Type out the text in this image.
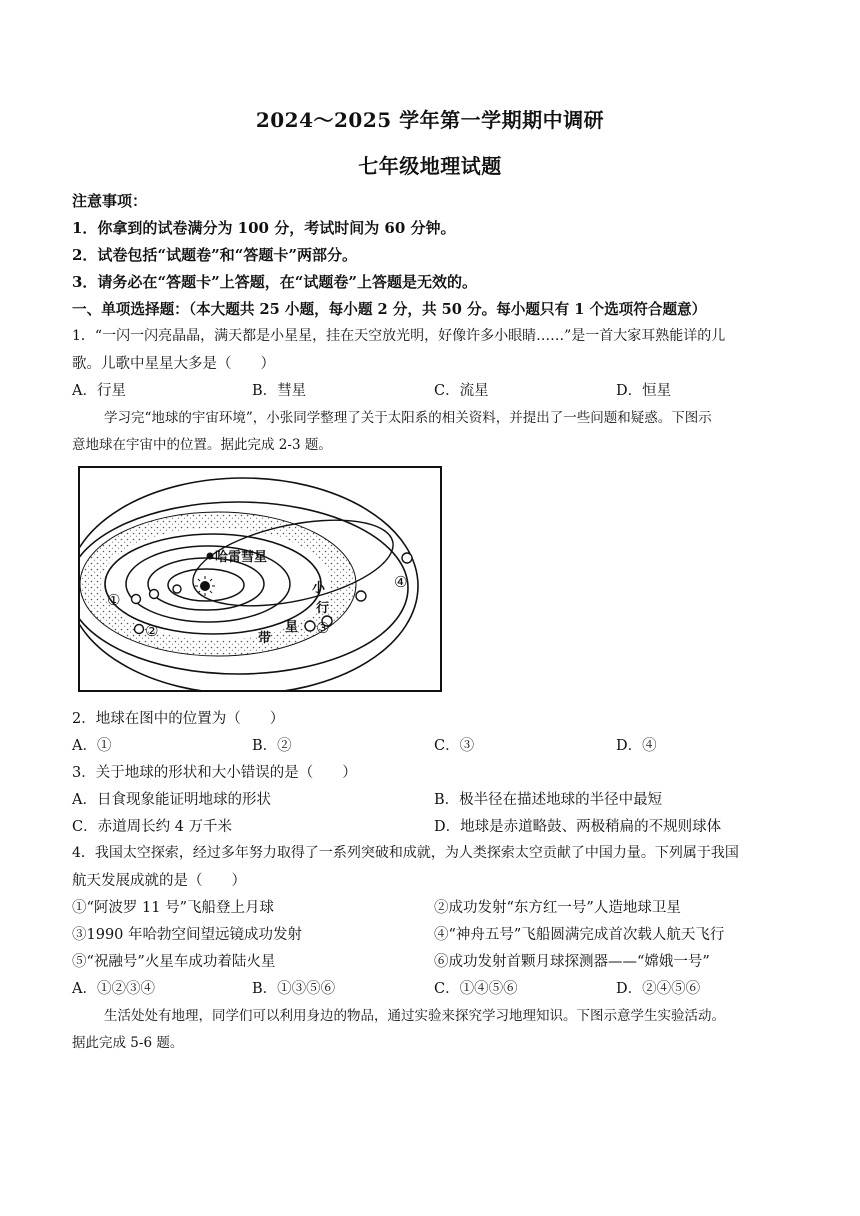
2024～2025 学年第一学期期中调研
七年级地理试题
注意事项：
1．你拿到的试卷满分为 100 分，考试时间为 60 分钟。
2．试卷包括“试题卷”和“答题卡”两部分。
3．请务必在“答题卡”上答题，在“试题卷”上答题是无效的。
一、单项选择题：（本大题共 25 小题，每小题 2 分，共 50 分。每小题只有 1 个选项符合题意）
1．“一闪一闪亮晶晶，满天都是小星星，挂在天空放光明，好像许多小眼睛……”是一首大家耳熟能详的儿
歌。儿歌中星星大多是（　　）
A．行星	B．彗星	C．流星	D．恒星
学习完“地球的宇宙环境”，小张同学整理了关于太阳系的相关资料，并提出了一些问题和疑惑。下图示
意地球在宇宙中的位置。据此完成 2-3 题。
哈雷彗星
小
行
带
星
①
②	③
④
2．地球在图中的位置为（　　）
A．①	B．②	C．③	D．④
3．关于地球的形状和大小错误的是（　　）
A．日食现象能证明地球的形状	B．极半径在描述地球的半径中最短
C．赤道周长约 4 万千米	D．地球是赤道略鼓、两极稍扁的不规则球体
4．我国太空探索，经过多年努力取得了一系列突破和成就，为人类探索太空贡献了中国力量。下列属于我国
航天发展成就的是（　　）
①“阿波罗 11 号”飞船登上月球	②成功发射“东方红一号”人造地球卫星
③1990 年哈勃空间望远镜成功发射	④“神舟五号”飞船圆满完成首次载人航天飞行
⑤“祝融号”火星车成功着陆火星	⑥成功发射首颗月球探测器——“嫦娥一号”
A．①②③④	B．①③⑤⑥	C．①④⑤⑥	D．②④⑤⑥
生活处处有地理，同学们可以利用身边的物品，通过实验来探究学习地理知识。下图示意学生实验活动。
据此完成 5-6 题。
